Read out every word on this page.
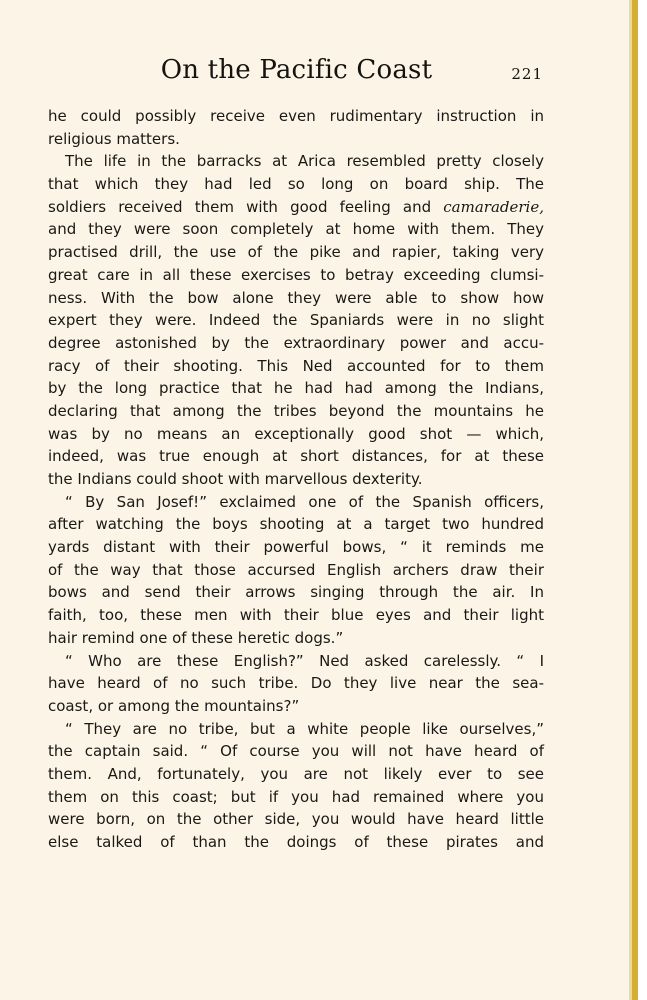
On the Pacific Coast	221
he could possibly receive even rudimentary instruction in
religious matters.
The life in the barracks at Arica resembled pretty closely
that which they had led so long on board ship. The
soldiers received them with good feeling and camaraderie,
and they were soon completely at home with them. They
practised drill, the use of the pike and rapier, taking very
great care in all these exercises to betray exceeding clumsi-
ness. With the bow alone they were able to show how
expert they were. Indeed the Spaniards were in no slight
degree astonished by the extraordinary power and accu-
racy of their shooting. This Ned accounted for to them
by the long practice that he had had among the Indians,
declaring that among the tribes beyond the mountains he
was by no means an exceptionally good shot — which,
indeed, was true enough at short distances, for at these
the Indians could shoot with marvellous dexterity.
“ By San Josef!” exclaimed one of the Spanish officers,
after watching the boys shooting at a target two hundred
yards distant with their powerful bows, “ it reminds me
of the way that those accursed English archers draw their
bows and send their arrows singing through the air. In
faith, too, these men with their blue eyes and their light
hair remind one of these heretic dogs.”
“ Who are these English?” Ned asked carelessly. “ I
have heard of no such tribe. Do they live near the sea-
coast, or among the mountains?”
“ They are no tribe, but a white people like ourselves,”
the captain said. “ Of course you will not have heard of
them. And, fortunately, you are not likely ever to see
them on this coast; but if you had remained where you
were born, on the other side, you would have heard little
else talked of than the doings of these pirates and
